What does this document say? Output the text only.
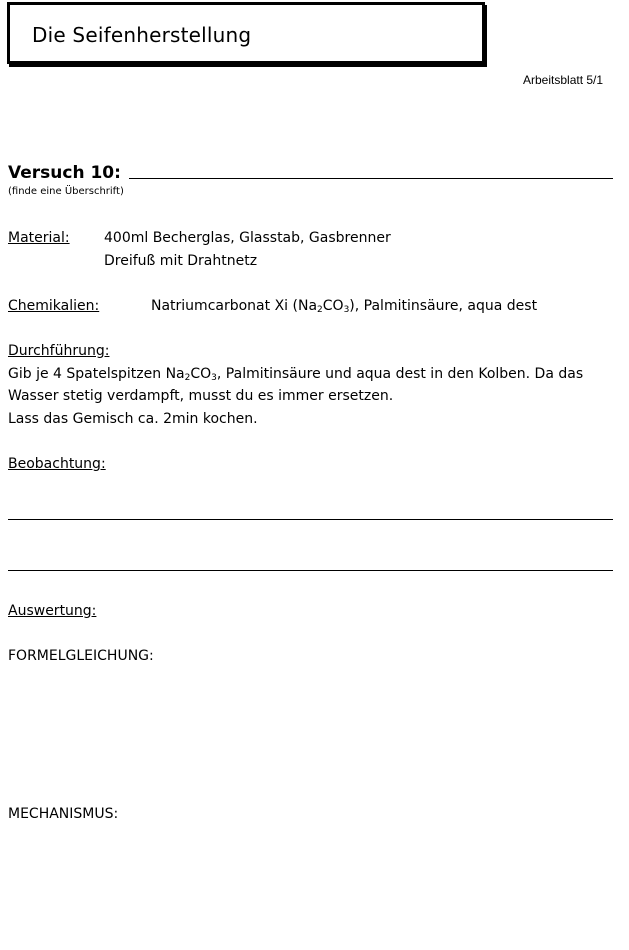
Die Seifenherstellung
Arbeitsblatt 5/1
Versuch 10:
(finde eine Überschrift)
Material: 400ml Becherglas, Glasstab, Gasbrenner
Dreifuß mit Drahtnetz
Chemikalien:	Natriumcarbonat Xi $(Na_2CO_3)$, Palmitinsäure, aqua dest
Durchführung:
Gib je 4 Spatelspitzen $Na_2CO_3$, Palmitinsäure und aqua dest in den Kolben. Da das
Wasser stetig verdampft, musst du es immer ersetzen.
Lass das Gemisch ca. 2min kochen.
Beobachtung:
Auswertung:
FORMELGLEICHUNG:
MECHANISMUS:
